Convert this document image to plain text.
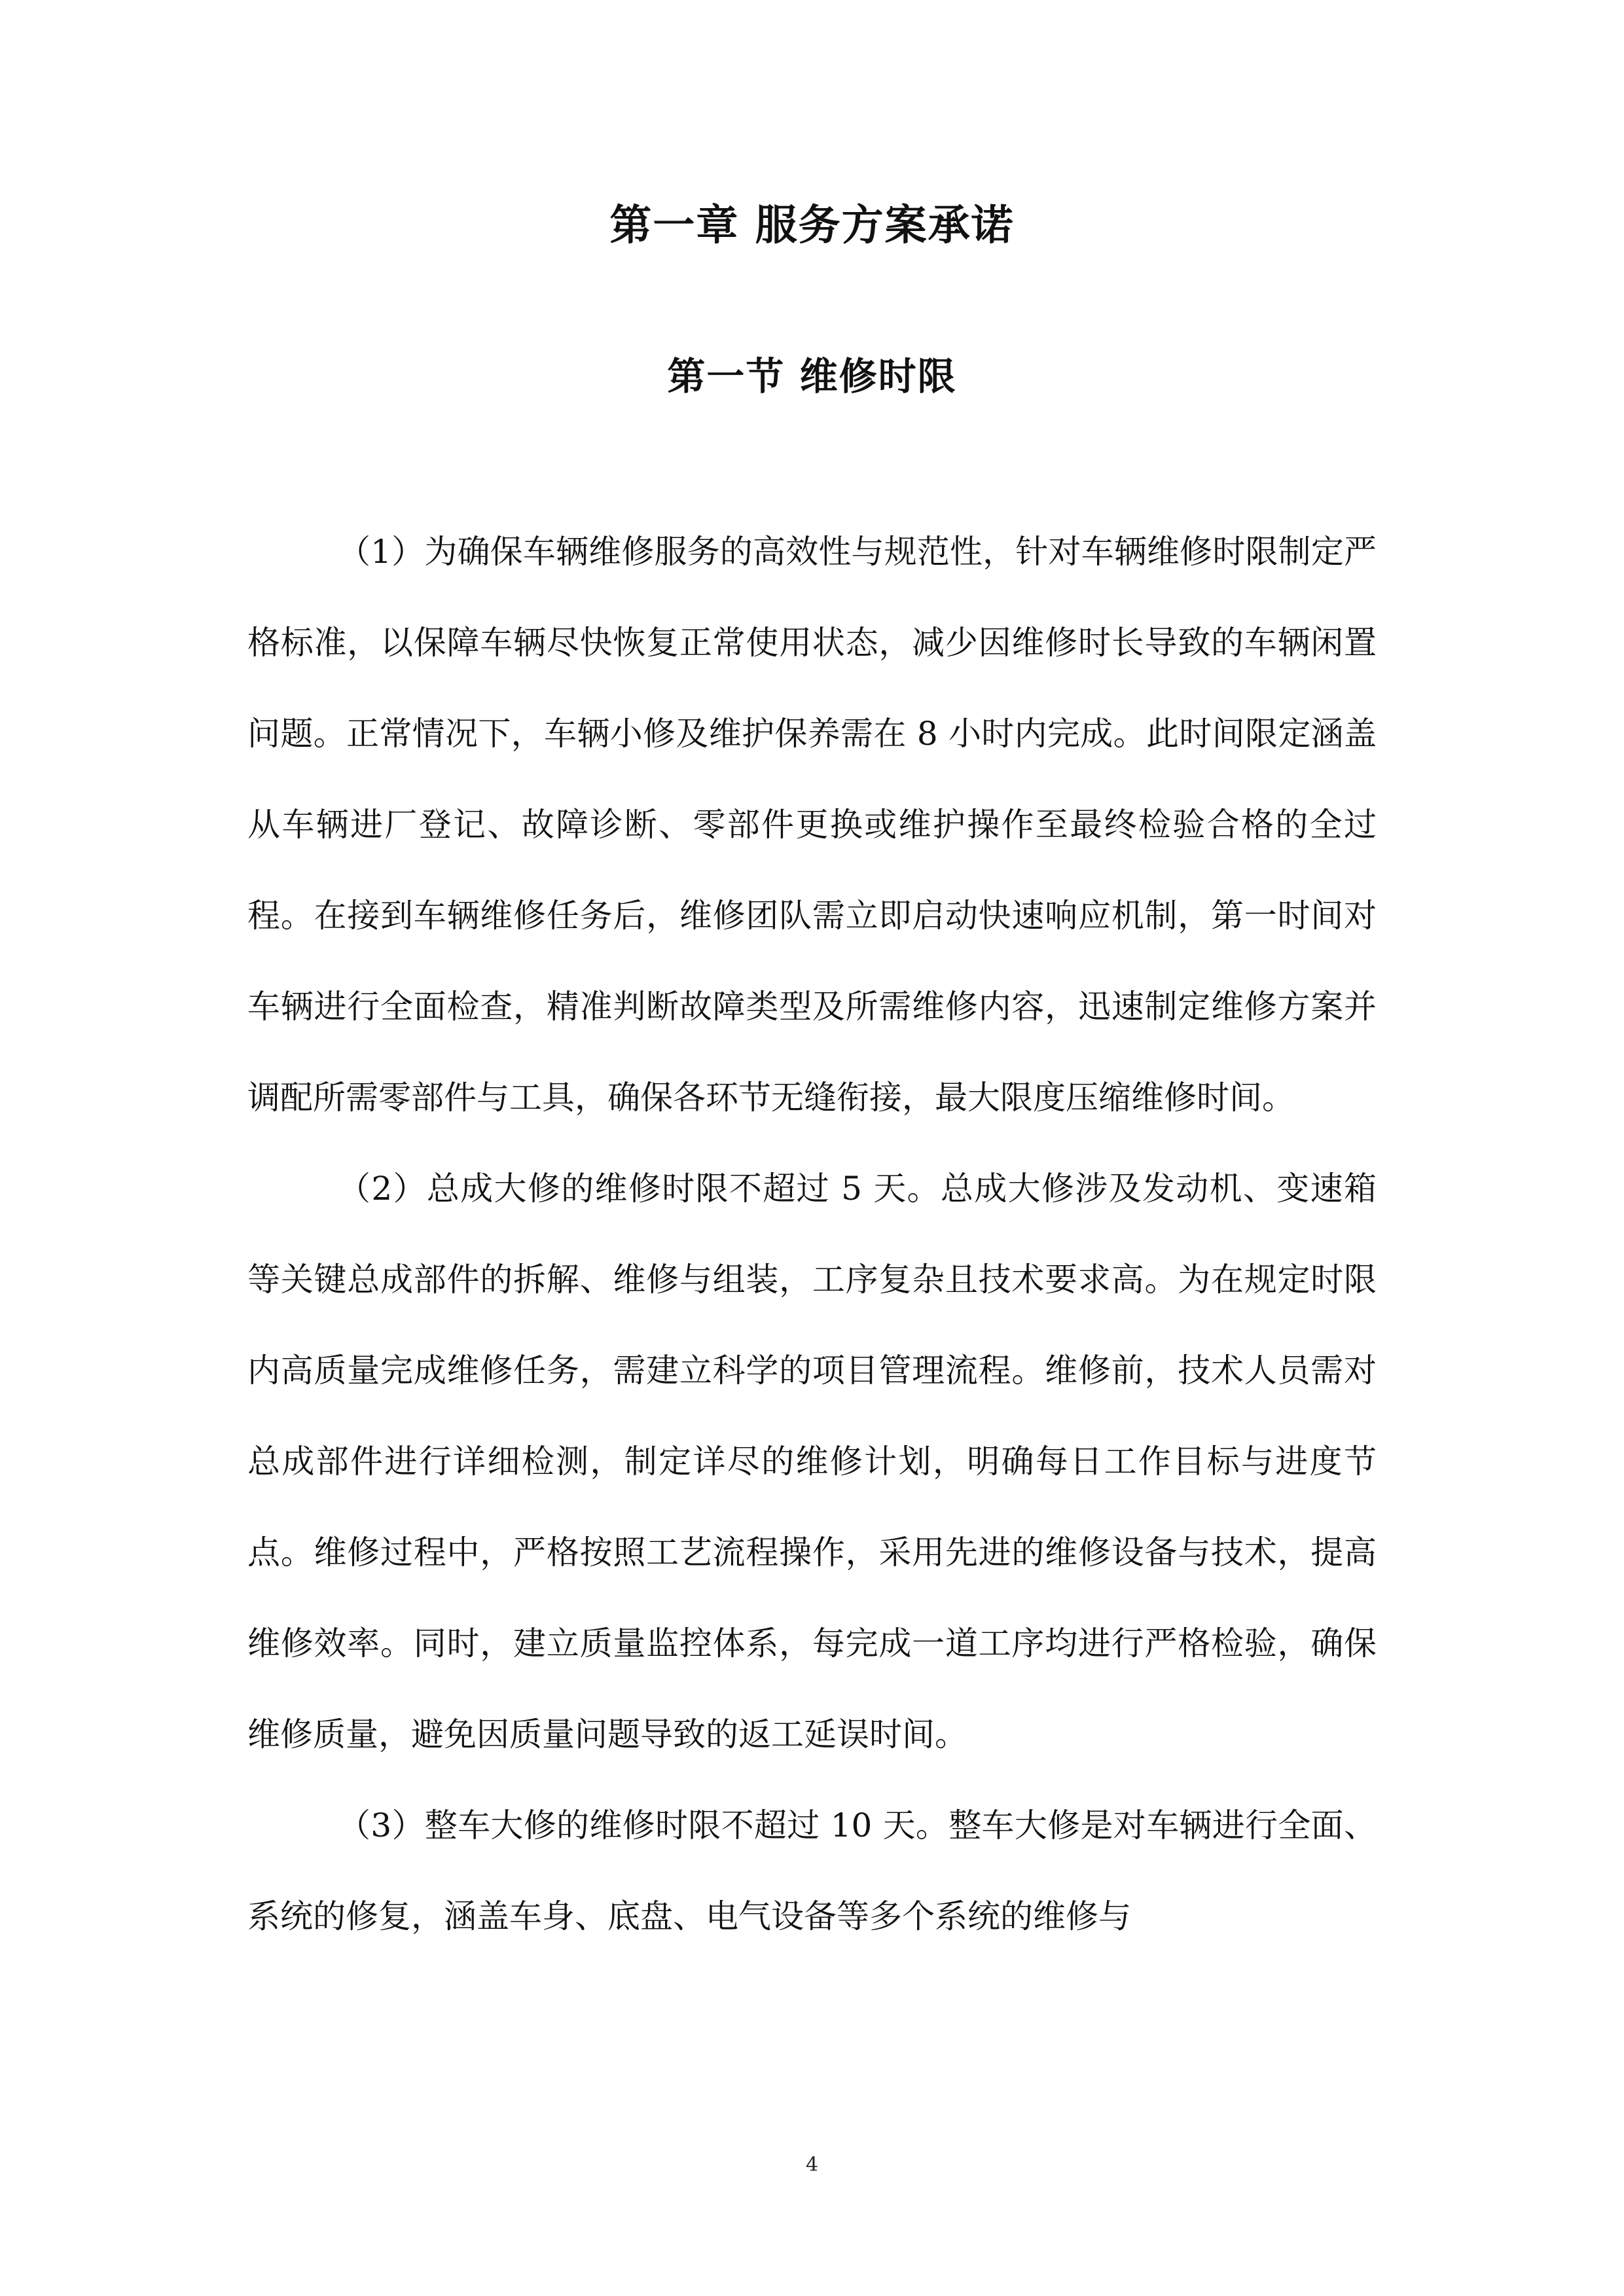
第一章 服务方案承诺
第一节 维修时限

（1）为确保车辆维修服务的高效性与规范性，针对车辆维修时限制定严格标准，以保障车辆尽快恢复正常使用状态，减少因维修时长导致的车辆闲置问题。正常情况下，车辆小修及维护保养需在 8 小时内完成。此时间限定涵盖从车辆进厂登记、故障诊断、零部件更换或维护操作至最终检验合格的全过程。在接到车辆维修任务后，维修团队需立即启动快速响应机制，第一时间对车辆进行全面检查，精准判断故障类型及所需维修内容，迅速制定维修方案并调配所需零部件与工具，确保各环节无缝衔接，最大限度压缩维修时间。

（2）总成大修的维修时限不超过 5 天。总成大修涉及发动机、变速箱等关键总成部件的拆解、维修与组装，工序复杂且技术要求高。为在规定时限内高质量完成维修任务，需建立科学的项目管理流程。维修前，技术人员需对总成部件进行详细检测，制定详尽的维修计划，明确每日工作目标与进度节点。维修过程中，严格按照工艺流程操作，采用先进的维修设备与技术，提高维修效率。同时，建立质量监控体系，每完成一道工序均进行严格检验，确保维修质量，避免因质量问题导致的返工延误时间。

（3）整车大修的维修时限不超过 10 天。整车大修是对车辆进行全面、系统的修复，涵盖车身、底盘、电气设备等多个系统的维修与

4
